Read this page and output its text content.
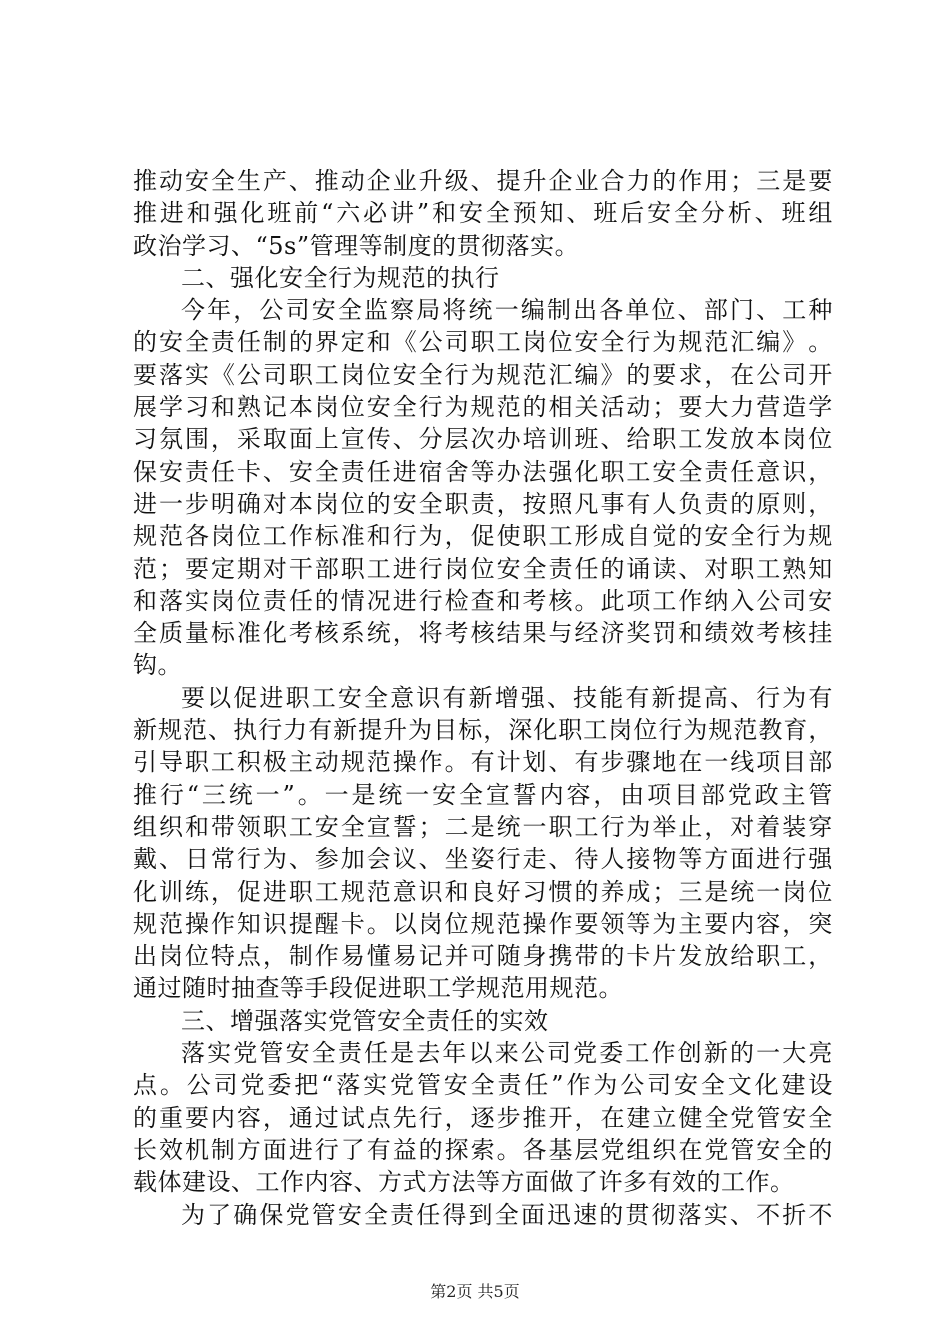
推 动 安 全 生 产 、 推 动 企 业 升 级 、 提 升 企 业 合 力 的 作 用 ； 三 是 要
推 进 和 强 化 班 前 “ 六 必 讲 ” 和 安 全 预 知 、 班 后 安 全 分 析 、 班 组
政治学习、“5s”管理等制度的贯彻落实。
二、强化安全行为规范的执行
今 年 ， 公 司 安 全 监 察 局 将 统 一 编 制 出 各 单 位 、 部 门 、 工 种
的 安 全 责 任 制 的 界 定 和 《 公 司 职 工 岗 位 安 全 行 为 规 范 汇 编 》 。
要 落 实 《 公 司 职 工 岗 位 安 全 行 为 规 范 汇 编 》 的 要 求 ， 在 公 司 开
展 学 习 和 熟 记 本 岗 位 安 全 行 为 规 范 的 相 关 活 动 ； 要 大 力 营 造 学
习 氛 围 ， 采 取 面 上 宣 传 、 分 层 次 办 培 训 班 、 给 职 工 发 放 本 岗 位
保 安 责 任 卡 、 安 全 责 任 进 宿 舍 等 办 法 强 化 职 工 安 全 责 任 意 识 ，
进 一 步 明 确 对 本 岗 位 的 安 全 职 责 ， 按 照 凡 事 有 人 负 责 的 原 则 ，
规 范 各 岗 位 工 作 标 准 和 行 为 ， 促 使 职 工 形 成 自 觉 的 安 全 行 为 规
范 ； 要 定 期 对 干 部 职 工 进 行 岗 位 安 全 责 任 的 诵 读 、 对 职 工 熟 知
和 落 实 岗 位 责 任 的 情 况 进 行 检 查 和 考 核 。 此 项 工 作 纳 入 公 司 安
全 质 量 标 准 化 考 核 系 统 ， 将 考 核 结 果 与 经 济 奖 罚 和 绩 效 考 核 挂
钩。
要 以 促 进 职 工 安 全 意 识 有 新 增 强 、 技 能 有 新 提 高 、 行 为 有
新 规 范 、 执 行 力 有 新 提 升 为 目 标 ， 深 化 职 工 岗 位 行 为 规 范 教 育 ，
引 导 职 工 积 极 主 动 规 范 操 作 。 有 计 划 、 有 步 骤 地 在 一 线 项 目 部
推 行 “ 三 统 一 ” 。 一 是 统 一 安 全 宣 誓 内 容 ， 由 项 目 部 党 政 主 管
组 织 和 带 领 职 工 安 全 宣 誓 ； 二 是 统 一 职 工 行 为 举 止 ， 对 着 装 穿
戴 、 日 常 行 为 、 参 加 会 议 、 坐 姿 行 走 、 待 人 接 物 等 方 面 进 行 强
化 训 练 ， 促 进 职 工 规 范 意 识 和 良 好 习 惯 的 养 成 ； 三 是 统 一 岗 位
规 范 操 作 知 识 提 醒 卡 。 以 岗 位 规 范 操 作 要 领 等 为 主 要 内 容 ， 突
出 岗 位 特 点 ， 制 作 易 懂 易 记 并 可 随 身 携 带 的 卡 片 发 放 给 职 工 ，
通过随时抽查等手段促进职工学规范用规范。
三、增强落实党管安全责任的实效
落 实 党 管 安 全 责 任 是 去 年 以 来 公 司 党 委 工 作 创 新 的 一 大 亮
点 。 公 司 党 委 把 “ 落 实 党 管 安 全 责 任 ” 作 为 公 司 安 全 文 化 建 设
的 重 要 内 容 ， 通 过 试 点 先 行 ， 逐 步 推 开 ， 在 建 立 健 全 党 管 安 全
长 效 机 制 方 面 进 行 了 有 益 的 探 索 。 各 基 层 党 组 织 在 党 管 安 全 的
载体建设、工作内容、方式方法等方面做了许多有效的工作。
为 了 确 保 党 管 安 全 责 任 得 到 全 面 迅 速 的 贯 彻 落 实 、 不 折 不
第2页 共5页
